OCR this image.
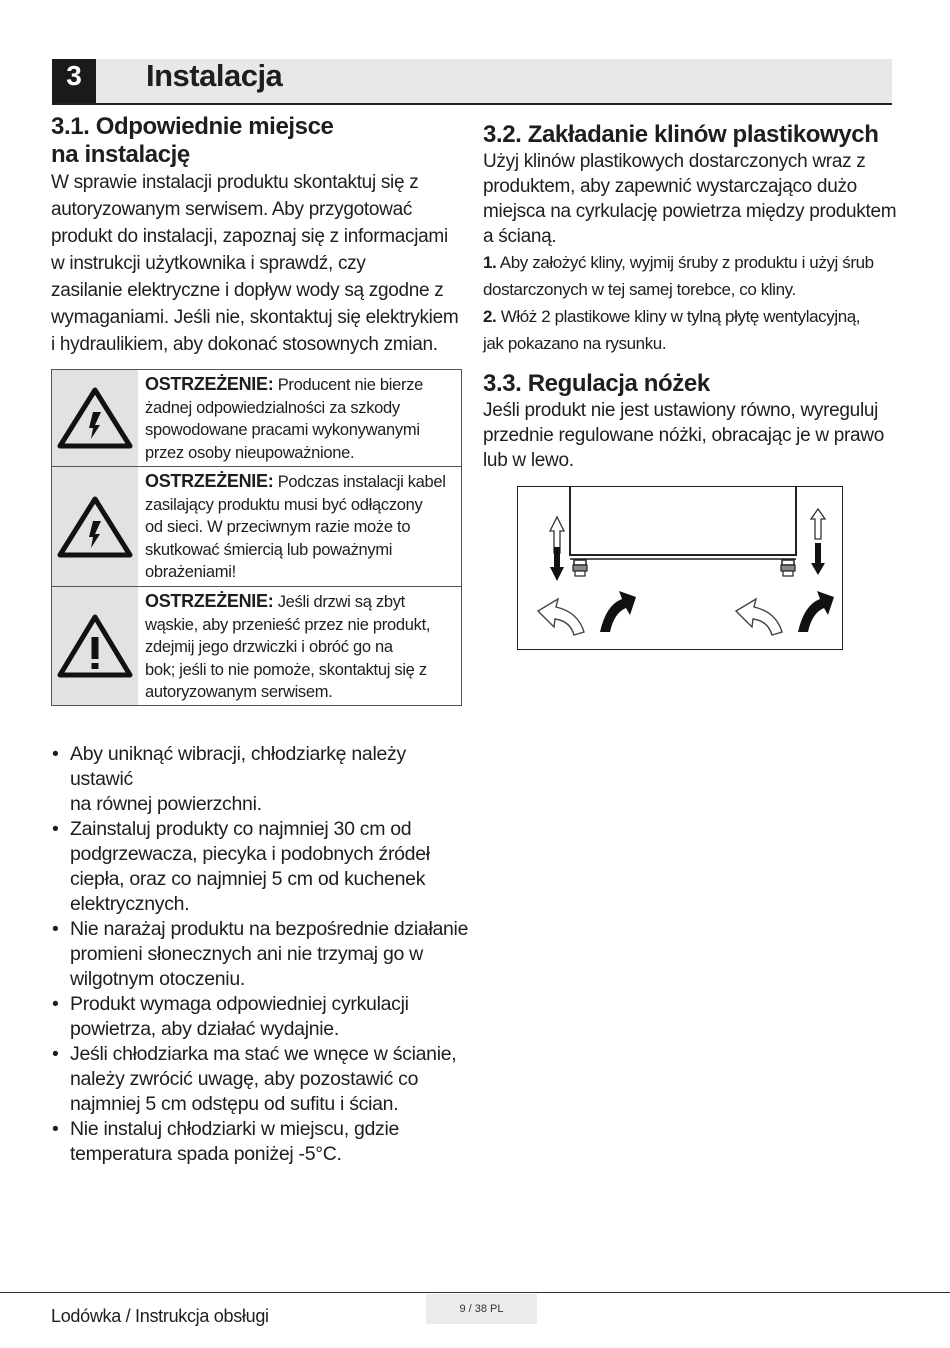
3	Instalacja
3.1. Odpowiednie miejsce
na instalację

W sprawie instalacji produktu skontaktuj się z
autoryzowanym serwisem. Aby przygotować
produkt do instalacji, zapoznaj się z informacjami
w instrukcji użytkownika i sprawdź, czy
zasilanie elektryczne i dopływ wody są zgodne z
wymaganiami. Jeśli nie, skontaktuj się elektrykiem
i hydraulikiem, aby dokonać stosownych zmian.

OSTRZEŻENIE: Producent nie bierze
żadnej odpowiedzialności za szkody
spowodowane pracami wykonywanymi
przez osoby nieupoważnione.
OSTRZEŻENIE: Podczas instalacji kabel
zasilający produktu musi być odłączony
od sieci. W przeciwnym razie może to
skutkować śmiercią lub poważnymi
obrażeniami!
OSTRZEŻENIE: Jeśli drzwi są zbyt
wąskie, aby przenieść przez nie produkt,
zdejmij jego drzwiczki i obróć go na
bok; jeśli to nie pomoże, skontaktuj się z
autoryzowanym serwisem.
• Aby uniknąć wibracji, chłodziarkę należy ustawić
na równej powierzchni.
• Zainstaluj produkty co najmniej 30 cm od
podgrzewacza, piecyka i podobnych źródeł
ciepła, oraz co najmniej 5 cm od kuchenek
elektrycznych.
• Nie narażaj produktu na bezpośrednie działanie
promieni słonecznych ani nie trzymaj go w
wilgotnym otoczeniu.
• Produkt wymaga odpowiedniej cyrkulacji
powietrza, aby działać wydajnie.
• Jeśli chłodziarka ma stać we wnęce w ścianie,
należy zwrócić uwagę, aby pozostawić co
najmniej 5 cm odstępu od sufitu i ścian.
• Nie instaluj chłodziarki w miejscu, gdzie
temperatura spada poniżej -5°C.
3.2. Zakładanie klinów plastikowych

Użyj klinów plastikowych dostarczonych wraz z
produktem, aby zapewnić wystarczająco dużo
miejsca na cyrkulację powietrza między produktem
a ścianą.

1. Aby założyć kliny, wyjmij śruby z produktu i użyj śrub
dostarczonych w tej samej torebce, co kliny.

2. Włóż 2 plastikowe kliny w tylną płytę wentylacyjną,
jak pokazano na rysunku.

3.3. Regulacja nóżek

Jeśli produkt nie jest ustawiony równo, wyreguluj
przednie regulowane nóżki, obracając je w prawo
lub w lewo.

9 / 38 PL
Lodówka / Instrukcja obsługi
